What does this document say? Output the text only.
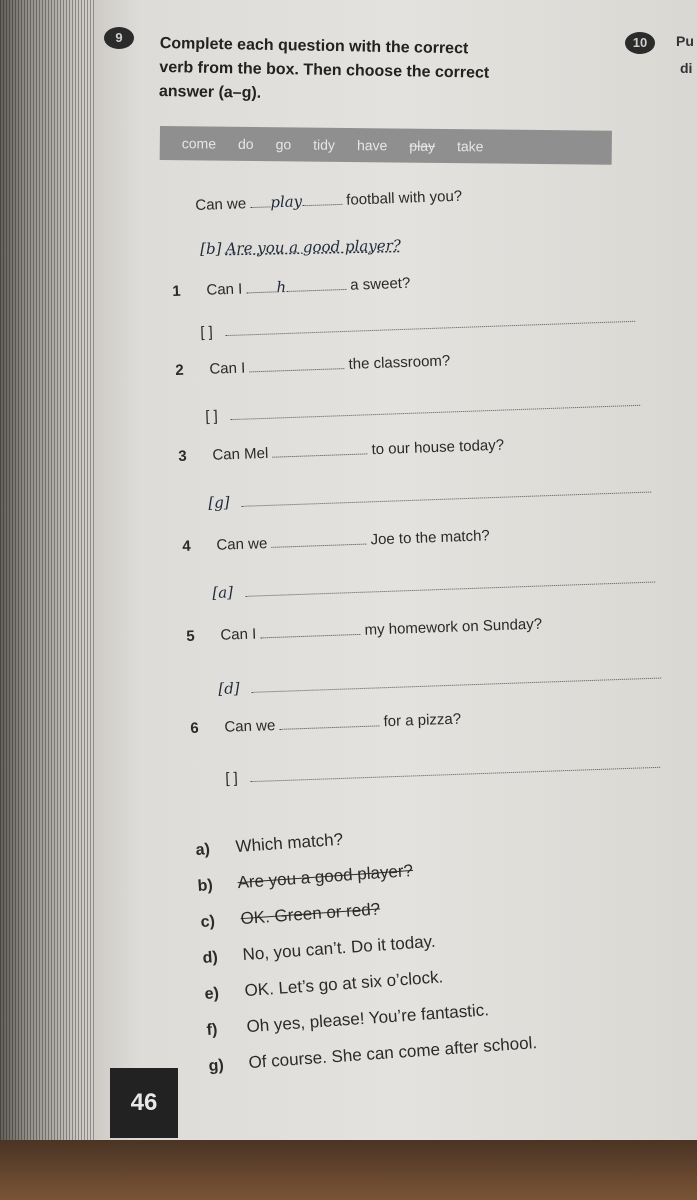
9	Complete each question with the correct

verb from the box. Then choose the correct

answer (a–g).

10	Pu
di
come do go tidy have play take
Can we play	football with you?
[b] Are you a good player?
1 Can I h	a sweet?
[ ]
2 Can I	the classroom?
[ ]
3 Can Mel	to our house today?
[g]
4 Can we	Joe to the match?
[a]
5 Can I	my homework on Sunday?
[d]
6 Can we	for a pizza?
[ ]
a) Which match?
b) Are you a good player?
c) OK. Green or red?
d) No, you can’t. Do it today.
e) OK. Let’s go at six o’clock.
f) Oh yes, please! You’re fantastic.
g) Of course. She can come after school.
46
